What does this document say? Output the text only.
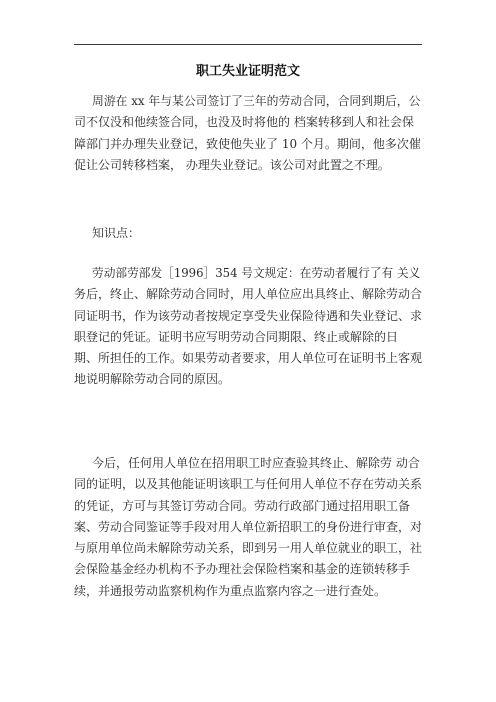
职工失业证明范文
周游在 xx 年与某公司签订了三年的劳动合同，合同到期后，公
司不仅没和他续签合同，也没及时将他的 档案转移到人和社会保
障部门并办理失业登记，致使他失业了 10 个月。期间，他多次催
促让公司转移档案， 办理失业登记。该公司对此置之不理。
知识点：
劳动部劳部发［1996］354 号文规定：在劳动者履行了有 关义
务后，终止、解除劳动合同时，用人单位应出具终止、解除劳动合
同证明书，作为该劳动者按规定享受失业保险待遇和失业登记、求
职登记的凭证。证明书应写明劳动合同期限、终止或解除的日
期、所担任的工作。如果劳动者要求，用人单位可在证明书上客观
地说明解除劳动合同的原因。
今后，任何用人单位在招用职工时应查验其终止、解除劳 动合
同的证明，以及其他能证明该职工与任何用人单位不存在劳动关系
的凭证，方可与其签订劳动合同。劳动行政部门通过招用职工备
案、劳动合同鉴证等手段对用人单位新招职工的身份进行审查，对
与原用单位尚未解除劳动关系，即到另一用人单位就业的职工，社
会保险基金经办机构不予办理社会保险档案和基金的连锁转移手
续，并通报劳动监察机构作为重点监察内容之一进行查处。
